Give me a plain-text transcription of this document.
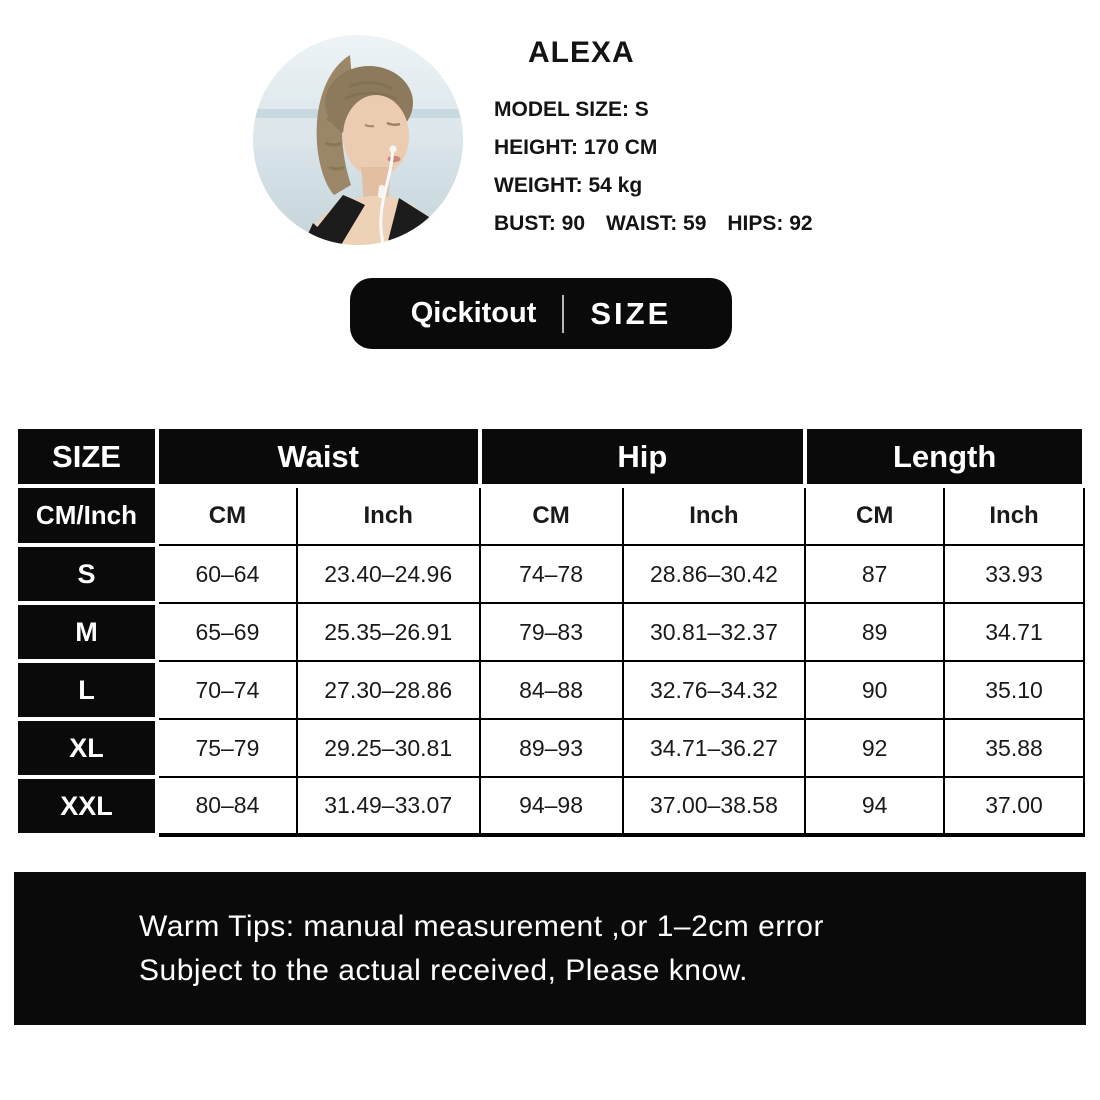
ALEXA
MODEL SIZE: S
HEIGHT: 170 CM
WEIGHT: 54 kg
BUST: 90 WAIST: 59 HIPS: 92
Qickitout SIZE
SIZE	Waist		Hip		Length	
CM/Inch	CM	Inch	CM	Inch	CM	Inch
S	60–64	23.40–24.96	74–78	28.86–30.42	87	33.93
M	65–69	25.35–26.91	79–83	30.81–32.37	89	34.71
L	70–74	27.30–28.86	84–88	32.76–34.32	90	35.10
XL	75–79	29.25–30.81	89–93	34.71–36.27	92	35.88
XXL	80–84	31.49–33.07	94–98	37.00–38.58	94	37.00
Warm Tips: manual measurement ,or 1–2cm error
Subject to the actual received, Please know.
